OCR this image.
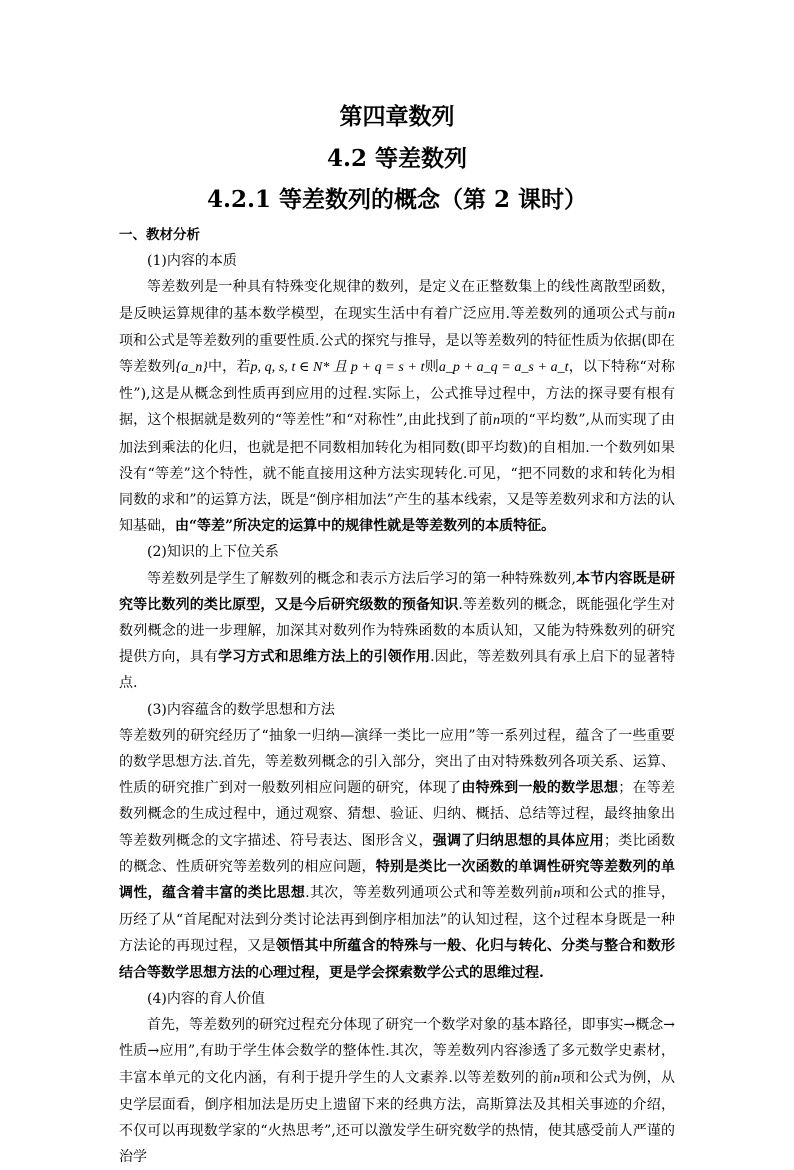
第四章数列
4.2 等差数列
4.2.1 等差数列的概念（第 2 课时）

一、教材分析

(1)内容的本质

等差数列是一种具有特殊变化规律的数列，是定义在正整数集上的线性离散型函数，是反映运算规律的基本数学模型，在现实生活中有着广泛应用.等差数列的通项公式与前n项和公式是等差数列的重要性质.公式的探究与推导，是以等差数列的特征性质为依据(即在等差数列{a_n}中，若p, q, s, t ∈ N* 且 p + q = s + t则a_p + a_q = a_s + a_t，以下特称“对称性”),这是从概念到性质再到应用的过程.实际上，公式推导过程中，方法的探寻要有根有据，这个根据就是数列的“等差性”和“对称性”,由此找到了前n项的“平均数”,从而实现了由加法到乘法的化归，也就是把不同数相加转化为相同数(即平均数)的自相加.一个数列如果没有“等差”这个特性，就不能直接用这种方法实现转化.可见，“把不同数的求和转化为相同数的求和”的运算方法，既是“倒序相加法”产生的基本线索，又是等差数列求和方法的认知基础，由“等差”所决定的运算中的规律性就是等差数列的本质特征。

(2)知识的上下位关系

等差数列是学生了解数列的概念和表示方法后学习的第一种特殊数列,本节内容既是研究等比数列的类比原型，又是今后研究级数的预备知识.等差数列的概念，既能强化学生对数列概念的进一步理解，加深其对数列作为特殊函数的本质认知，又能为特殊数列的研究提供方向，具有学习方式和思维方法上的引领作用.因此，等差数列具有承上启下的显著特点.

(3)内容蕴含的数学思想和方法

等差数列的研究经历了“抽象一归纳—演绎一类比一应用”等一系列过程，蕴含了一些重要的数学思想方法.首先，等差数列概念的引入部分，突出了由对特殊数列各项关系、运算、性质的研究推广到对一般数列相应问题的研究，体现了由特殊到一般的数学思想；在等差数列概念的生成过程中，通过观察、猜想、验证、归纳、概括、总结等过程，最终抽象出等差数列概念的文字描述、符号表达、图形含义，强调了归纳思想的具体应用；类比函数的概念、性质研究等差数列的相应问题，特别是类比一次函数的单调性研究等差数列的单调性，蕴含着丰富的类比思想.其次，等差数列通项公式和等差数列前n项和公式的推导，历经了从“首尾配对法到分类讨论法再到倒序相加法”的认知过程，这个过程本身既是一种方法论的再现过程，又是领悟其中所蕴含的特殊与一般、化归与转化、分类与整合和数形结合等数学思想方法的心理过程，更是学会探索数学公式的思维过程.

(4)内容的育人价值

首先，等差数列的研究过程充分体现了研究一个数学对象的基本路径，即事实→概念→性质→应用”,有助于学生体会数学的整体性.其次，等差数列内容渗透了多元数学史素材，丰富本单元的文化内涵，有利于提升学生的人文素养.以等差数列的前n项和公式为例，从史学层面看，倒序相加法是历史上遗留下来的经典方法，高斯算法及其相关事迹的介绍，不仅可以再现数学家的“火热思考”,还可以激发学生研究数学的热情，使其感受前人严谨的治学
